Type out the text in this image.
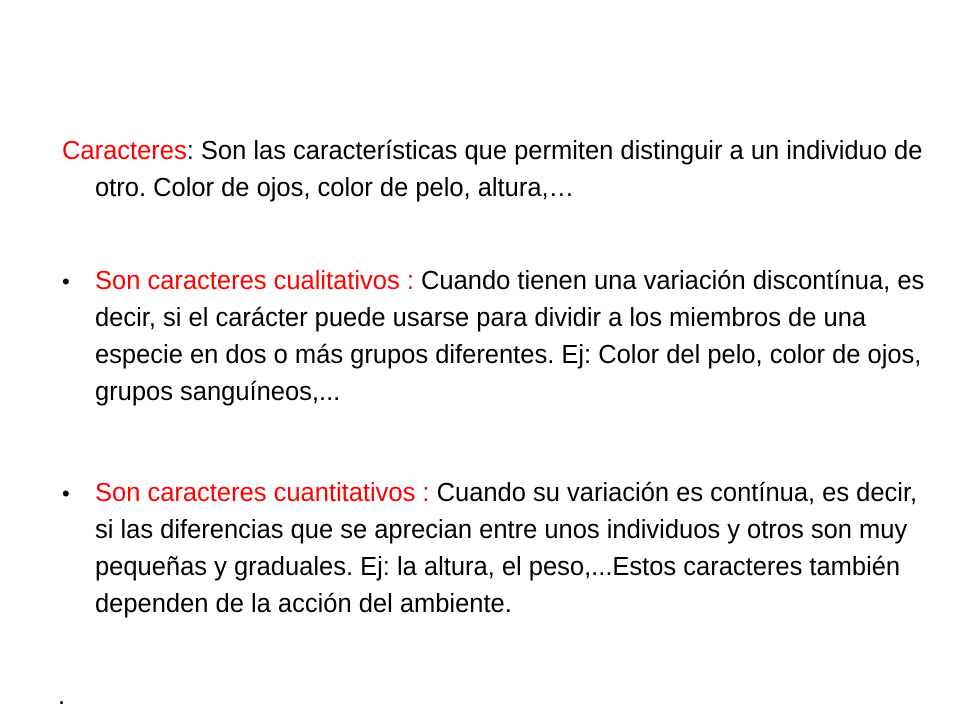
Caracteres: Son las características que permiten distinguir a un individuo de otro. Color de ojos, color de pelo, altura,…

• Son caracteres cualitativos : Cuando tienen una variación discontínua, es decir, si el carácter puede usarse para dividir a los miembros de una especie en dos o más grupos diferentes. Ej: Color del pelo, color de ojos, grupos sanguíneos,...

• Son caracteres cuantitativos : Cuando su variación es contínua, es decir, si las diferencias que se aprecian entre unos individuos y otros son muy pequeñas y graduales. Ej: la altura, el peso,...Estos caracteres también dependen de la acción del ambiente.

.
